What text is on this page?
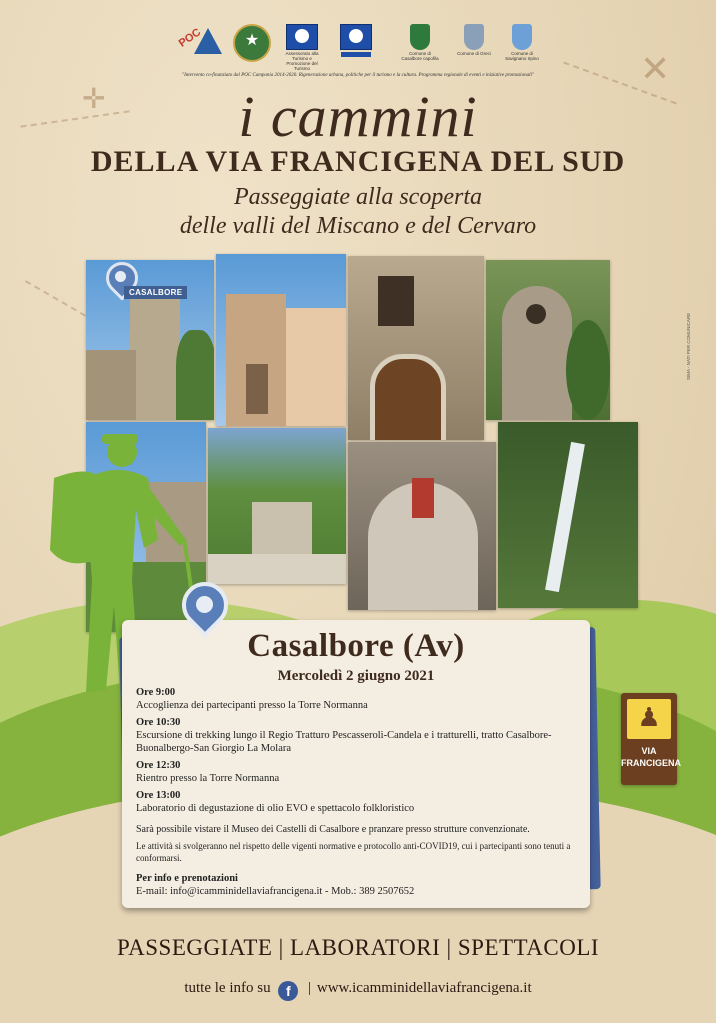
✕
✛
POC
★
Assessorato alla Turismo e Promozione del Turismo
Comune di Casalbore capofila
Comune di Greci	Comune di Savignano Irpino
"Intervento co-finanziato dal POC Campania 2014-2020. Rigenerazione urbana, politiche per il turismo e la cultura. Programma regionale di eventi e iniziative promozionali"
i cammini
DELLA VIA FRANCIGENA DEL SUD
Passeggiate alla scoperta
delle valli del Miscano e del Cervaro
CASALBORE
Casalbore (Av)
Mercoledì 2 giugno 2021
Ore 9:00
Accoglienza dei partecipanti presso la Torre Normanna
Ore 10:30
Escursione di trekking lungo il Regio Tratturo Pescasseroli-Candela e i tratturelli, tratto Casalbore-Buonalbergo-San Giorgio La Molara
Ore 12:30
Rientro presso la Torre Normanna
Ore 13:00
Laboratorio di degustazione di olio EVO e spettacolo folkloristico
Sarà possibile vistare il Museo dei Castelli di Casalbore e pranzare presso strutture convenzionate.
Le attività si svolgeranno nel rispetto delle vigenti normative e protocollo anti-COVID19, cui i partecipanti sono tenuti a conformarsi.
Per info e prenotazioni
E-mail: info@icamminidellaviafrancigena.it - Mob.: 389 2507652
♟
VIA
FRANCIGENA
SIMA - NATI PER COMUNICARE
PASSEGGIATE | LABORATORI | SPETTACOLI
tutte le info su f | www.icamminidellaviafrancigena.it
